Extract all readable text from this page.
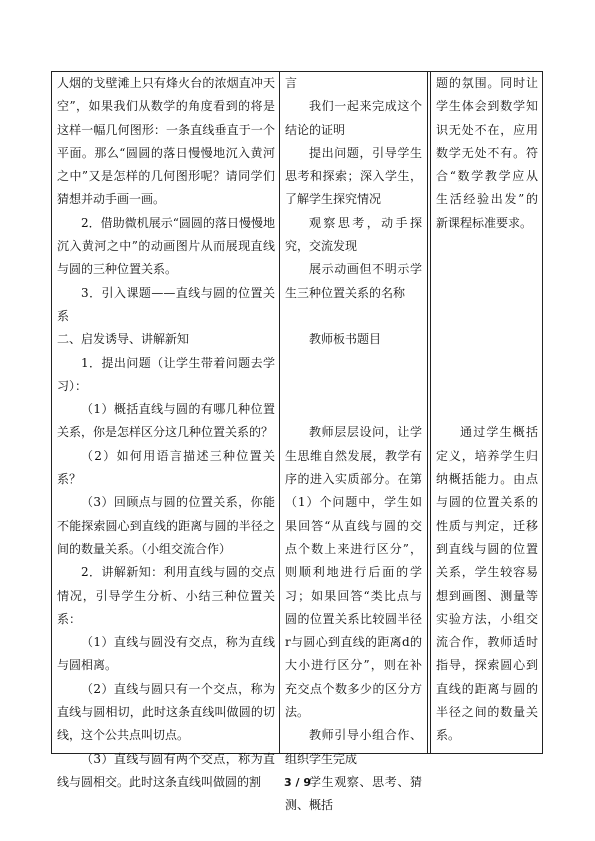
人烟的戈壁滩上只有烽火台的浓烟直冲天空”，如果我们从数学的角度看到的将是这样一幅几何图形：一条直线垂直于一个平面。那么“圆圆的落日慢慢地沉入黄河之中”又是怎样的几何图形呢？请同学们猜想并动手画一画。

2．借助微机展示“圆圆的落日慢慢地沉入黄河之中”的动画图片从而展现直线与圆的三种位置关系。

3．引入课题——直线与圆的位置关系

二、启发诱导、讲解新知

1．提出问题（让学生带着问题去学习）：

（1）概括直线与圆的有哪几种位置关系，你是怎样区分这几种位置关系的？

（2）如何用语言描述三种位置关系？

（3）回顾点与圆的位置关系，你能不能探索圆心到直线的距离与圆的半径之间的数量关系。（小组交流合作）

2．讲解新知：利用直线与圆的交点情况，引导学生分析、小结三种位置关系：

（1）直线与圆没有交点，称为直线与圆相离。

（2）直线与圆只有一个交点，称为直线与圆相切，此时这条直线叫做圆的切线，这个公共点叫切点。

（3）直线与圆有两个交点，称为直线与圆相交。此时这条直线叫做圆的割

言

我们一起来完成这个结论的证明

提出问题，引导学生思考和探索；深入学生，了解学生探究情况

观察思考，动手探究，交流发现

展示动画但不明示学生三种位置关系的名称

教师板书题目

教师层层设问，让学生思维自然发展，教学有序的进入实质部分。在第（1）个问题中，学生如果回答“从直线与圆的交点个数上来进行区分”，则顺利地进行后面的学习；如果回答“类比点与圆的位置关系比较圆半径r与圆心到直线的距离d的大小进行区分”，则在补充交点个数多少的区分方法。

教师引导小组合作、组织学生完成

学生观察、思考、猜测、概括

题的氛围。同时让学生体会到数学知识无处不在，应用数学无处不有。符合“数学教学应从生活经验出发”的新课程标准要求。

通过学生概括定义，培养学生归纳概括能力。由点与圆的位置关系的性质与判定，迁移到直线与圆的位置关系，学生较容易想到画图、测量等实验方法，小组交流合作，教师适时指导，探索圆心到直线的距离与圆的半径之间的数量关系。

3 / 9
